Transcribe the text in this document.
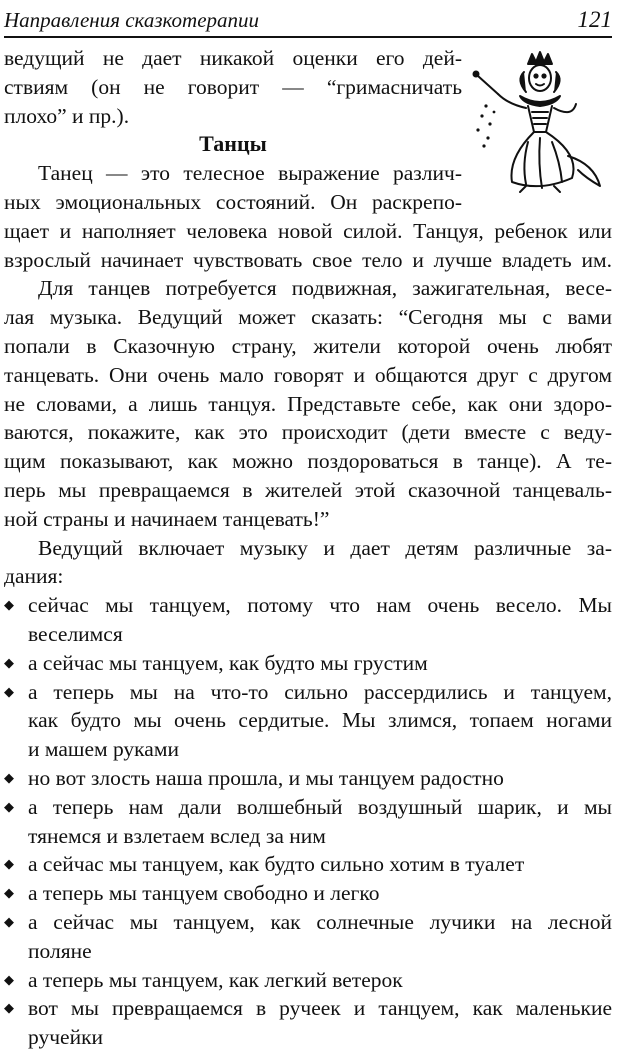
Направления сказкотерапии	121
ведущий не дает никакой оценки его дей-
ствиям (он не говорит — “гримасничать
плохо” и пр.).
Танцы
Танец — это телесное выражение различ-
ных эмоциональных состояний. Он раскрепо-
щает и наполняет человека новой силой. Танцуя, ребенок или
взрослый начинает чувствовать свое тело и лучше владеть им.
Для танцев потребуется подвижная, зажигательная, весе-
лая музыка. Ведущий может сказать: “Сегодня мы с вами
попали в Сказочную страну, жители которой очень любят
танцевать. Они очень мало говорят и общаются друг с другом
не словами, а лишь танцуя. Представьте себе, как они здоро-
ваются, покажите, как это происходит (дети вместе с веду-
щим показывают, как можно поздороваться в танце). А те-
перь мы превращаемся в жителей этой сказочной танцеваль-
ной страны и начинаем танцевать!”
Ведущий включает музыку и дает детям различные за-
дания:
◆ сейчас мы танцуем, потому что нам очень весело. Мы
веселимся
◆ а сейчас мы танцуем, как будто мы грустим
◆ а теперь мы на что-то сильно рассердились и танцуем,
как будто мы очень сердитые. Мы злимся, топаем ногами
и машем руками
◆ но вот злость наша прошла, и мы танцуем радостно
◆ а теперь нам дали волшебный воздушный шарик, и мы
тянемся и взлетаем вслед за ним
◆ а сейчас мы танцуем, как будто сильно хотим в туалет
◆ а теперь мы танцуем свободно и легко
◆ а сейчас мы танцуем, как солнечные лучики на лесной
поляне
◆ а теперь мы танцуем, как легкий ветерок
◆ вот мы превращаемся в ручеек и танцуем, как маленькие
ручейки
